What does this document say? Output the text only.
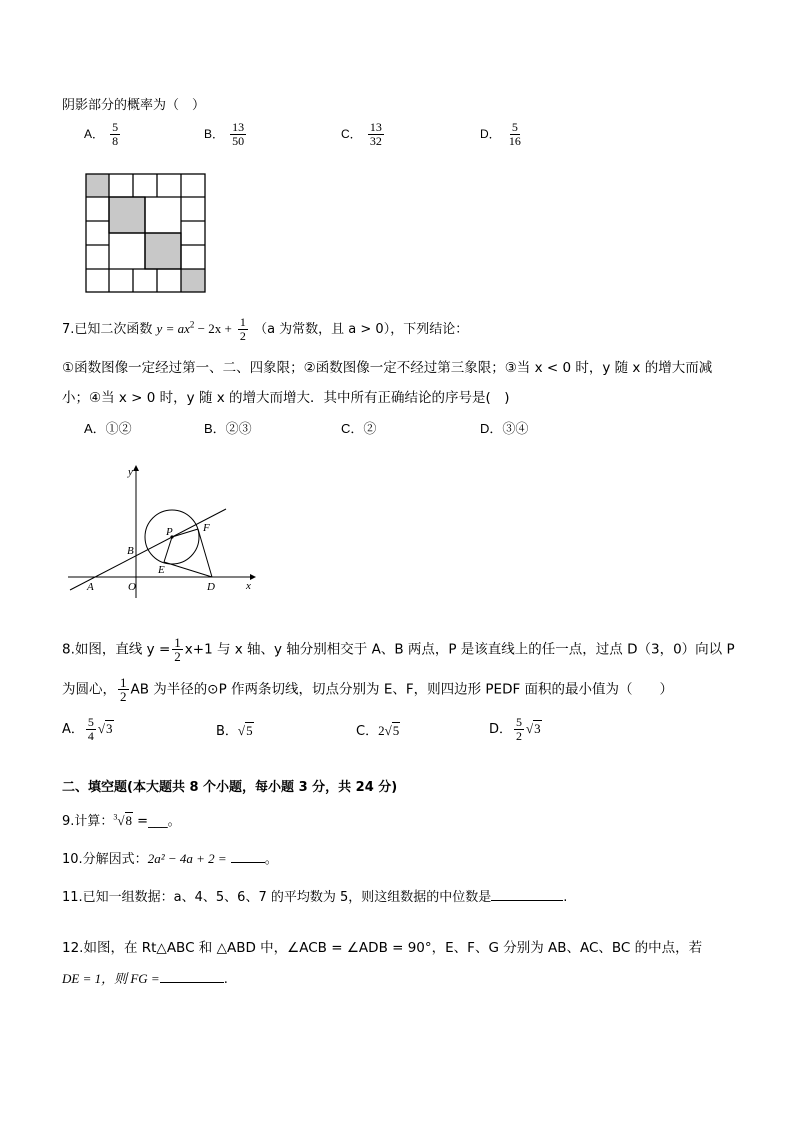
阴影部分的概率为（　）
A． $\frac{5}{8}$	B． $\frac{13}{50}$	C． $\frac{13}{32}$	D． $\frac{5}{16}$
7.已知二次函数 $y = ax^2 - 2x + \frac{1}{2} (a$ 为常数，且 a > 0），下列结论：
①函数图像一定经过第一、二、四象限；②函数图像一定不经过第三象限；③当 x < 0 时，y 随 x 的增大而减
小；④当 x > 0 时，y 随 x 的增大而增大．其中所有正确结论的序号是(　)
A．①②	B．②③	C．②	D．③④
y
x
P	F
B
E
A	O	D
8.如图，直线 $y = \frac{1}{2} x+1$ 与 x 轴、y 轴分别相交于 A、B 两点，P 是该直线上的任一点，过点 D（3，0）向以 P
为圆心， $\frac{1}{2}$ AB 为半径的⊙P 作两条切线，切点分别为 E、F，则四边形 PEDF 面积的最小值为（　　）
A． $\frac{5}{4} √3$	B．√5	C．2√5	D． $\frac{5}{2} √3$
二、填空题(本大题共 8 个小题，每小题 3 分，共 24 分)
9.计算：$^3$√8 =___。
10.分解因式：2a² − 4a + 2 =	。
11.已知一组数据：a、4、5、6、7 的平均数为 5，则这组数据的中位数是	.
12.如图，在 Rt△ABC 和 △ABD 中，∠ACB = ∠ADB = 90°，E、F、G 分别为 AB、AC、BC 的中点，若
DE = 1，则 FG =	.
